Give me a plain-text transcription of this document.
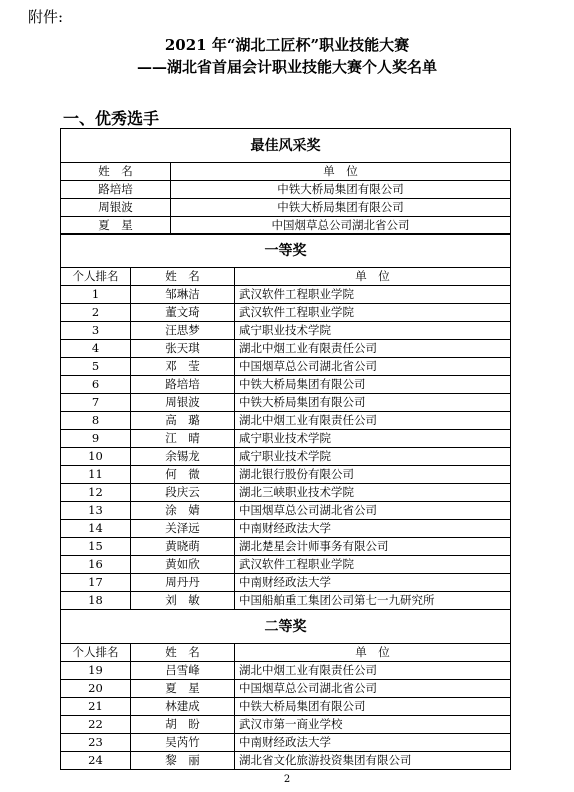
附件:
2021 年“湖北工匠杯”职业技能大赛
——湖北省首届会计职业技能大赛个人奖名单
一、优秀选手
最佳风采奖
姓　名	单　位
路培培	中铁大桥局集团有限公司
周银波	中铁大桥局集团有限公司
夏　星	中国烟草总公司湖北省公司
一等奖
个人排名	姓　名	单　位
1	邹琳洁	武汉软件工程职业学院
2	董文琦	武汉软件工程职业学院
3	汪思梦	咸宁职业技术学院
4	张天琪	湖北中烟工业有限责任公司
5	邓　莹	中国烟草总公司湖北省公司
6	路培培	中铁大桥局集团有限公司
7	周银波	中铁大桥局集团有限公司
8	高　璐	湖北中烟工业有限责任公司
9	江　晴	咸宁职业技术学院
10	余锡龙	咸宁职业技术学院
11	何　微	湖北银行股份有限公司
12	段庆云	湖北三峡职业技术学院
13	涂　婧	中国烟草总公司湖北省公司
14	关泽远	中南财经政法大学
15	黄晓萌	湖北楚星会计师事务有限公司
16	黄如欣	武汉软件工程职业学院
17	周丹丹	中南财经政法大学
18	刘　敏	中国船舶重工集团公司第七一九研究所
二等奖
个人排名	姓　名	单　位
19	吕雪峰	湖北中烟工业有限责任公司
20	夏　星	中国烟草总公司湖北省公司
21	林建成	中铁大桥局集团有限公司
22	胡　盼	武汉市第一商业学校
23	吴芮竹	中南财经政法大学
24	黎　丽	湖北省文化旅游投资集团有限公司
2
